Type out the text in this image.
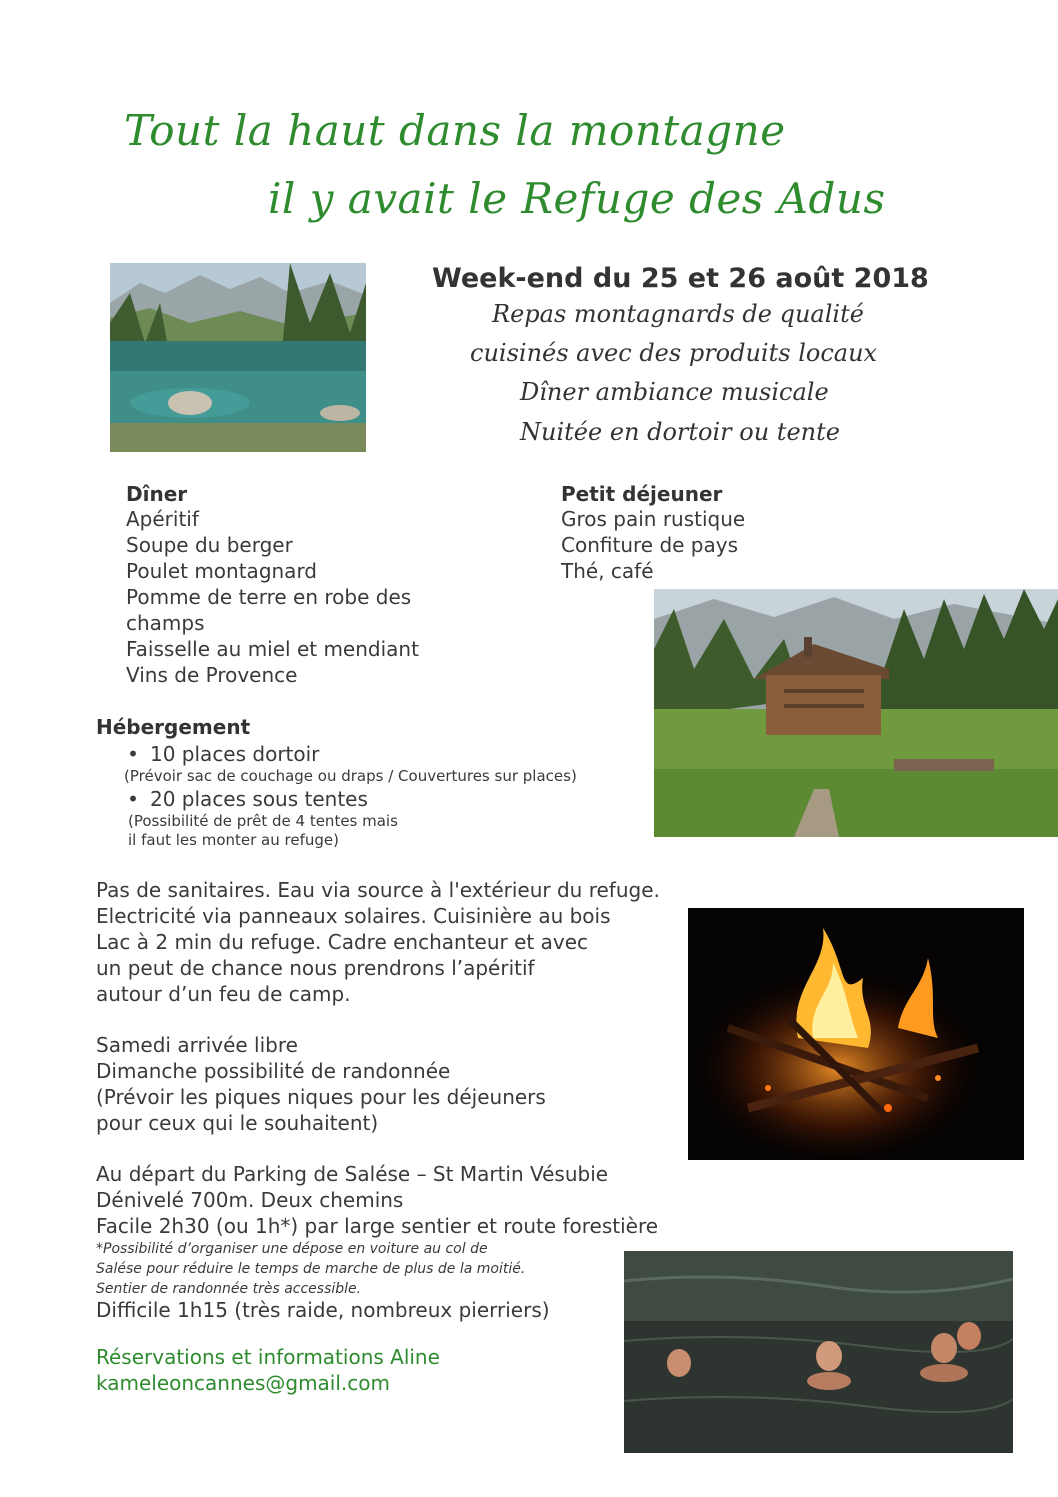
Tout la haut dans la montagne
il y avait le Refuge des Adus
Week-end du 25 et 26 août 2018
Repas montagnards de qualité
cuisinés avec des produits locaux
Dîner ambiance musicale
Nuitée en dortoir ou tente
Dîner
Apéritif
Soupe du berger
Poulet montagnard
Pomme de terre en robe des
champs
Faisselle au miel et mendiant
Vins de Provence
Petit déjeuner
Gros pain rustique
Confiture de pays
Thé, café
Hébergement
• 10 places dortoir
(Prévoir sac de couchage ou draps / Couvertures sur places)
• 20 places sous tentes
(Possibilité de prêt de 4 tentes mais
il faut les monter au refuge)
Pas de sanitaires. Eau via source à l'extérieur du refuge.
Electricité via panneaux solaires. Cuisinière au bois
Lac à 2 min du refuge. Cadre enchanteur et avec
un peut de chance nous prendrons l’apéritif
autour d’un feu de camp.
Samedi arrivée libre
Dimanche possibilité de randonnée
(Prévoir les piques niques pour les déjeuners
pour ceux qui le souhaitent)
Au départ du Parking de Salése – St Martin Vésubie
Dénivelé 700m. Deux chemins
Facile 2h30 (ou 1h*) par large sentier et route forestière
*Possibilité d’organiser une dépose en voiture au col de
Salése pour réduire le temps de marche de plus de la moitié.
Sentier de randonnée très accessible.
Difficile 1h15 (très raide, nombreux pierriers)
Réservations et informations Aline
kameleoncannes@gmail.com
